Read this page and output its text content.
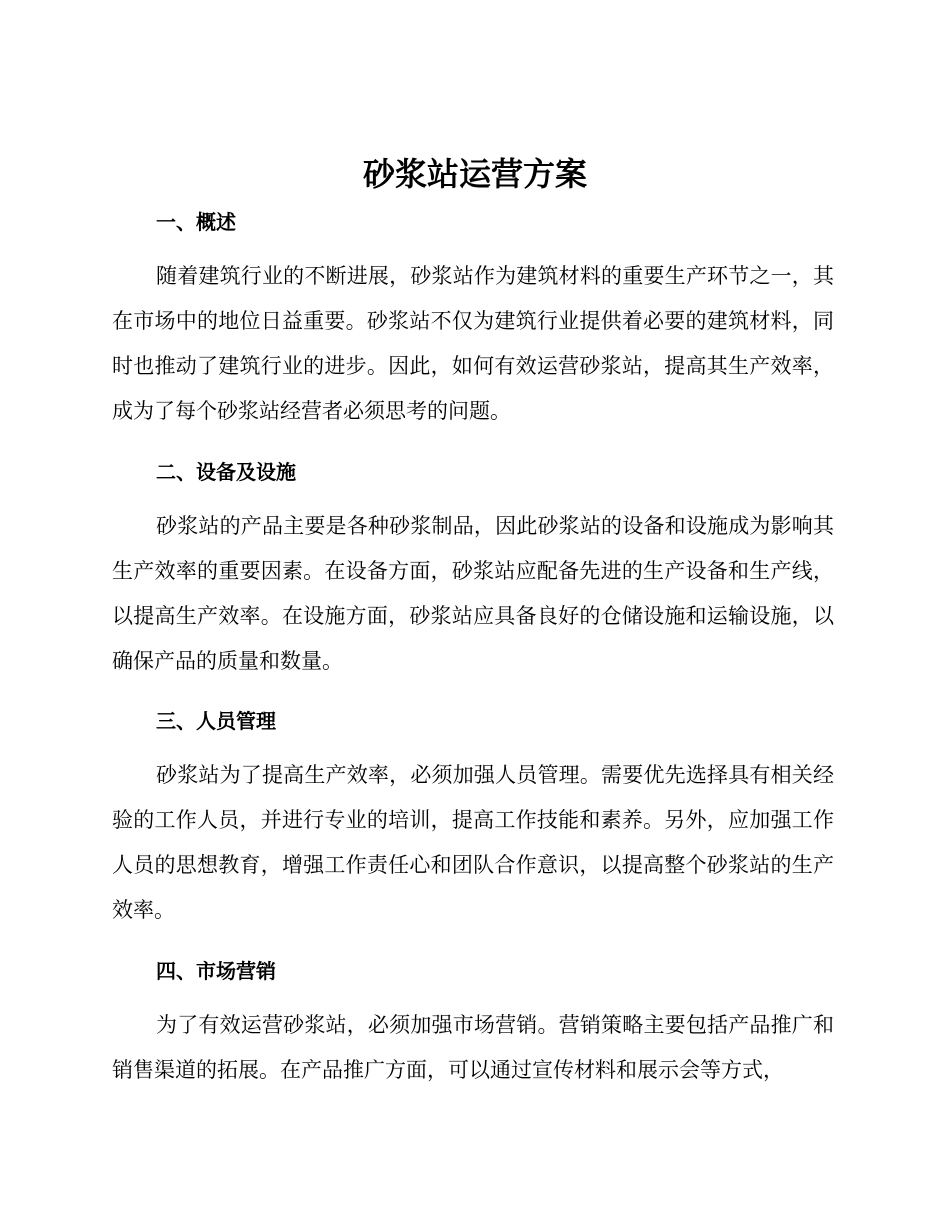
砂浆站运营方案
一、概述

随着建筑行业的不断进展，砂浆站作为建筑材料的重要生产环节之一，其在市场中的地位日益重要。砂浆站不仅为建筑行业提供着必要的建筑材料，同时也推动了建筑行业的进步。因此，如何有效运营砂浆站，提高其生产效率，成为了每个砂浆站经营者必须思考的问题。

二、设备及设施

砂浆站的产品主要是各种砂浆制品，因此砂浆站的设备和设施成为影响其生产效率的重要因素。在设备方面，砂浆站应配备先进的生产设备和生产线，以提高生产效率。在设施方面，砂浆站应具备良好的仓储设施和运输设施，以确保产品的质量和数量。

三、人员管理

砂浆站为了提高生产效率，必须加强人员管理。需要优先选择具有相关经验的工作人员，并进行专业的培训，提高工作技能和素养。另外，应加强工作人员的思想教育，增强工作责任心和团队合作意识，以提高整个砂浆站的生产效率。

四、市场营销

为了有效运营砂浆站，必须加强市场营销。营销策略主要包括产品推广和销售渠道的拓展。在产品推广方面，可以通过宣传材料和展示会等方式，
